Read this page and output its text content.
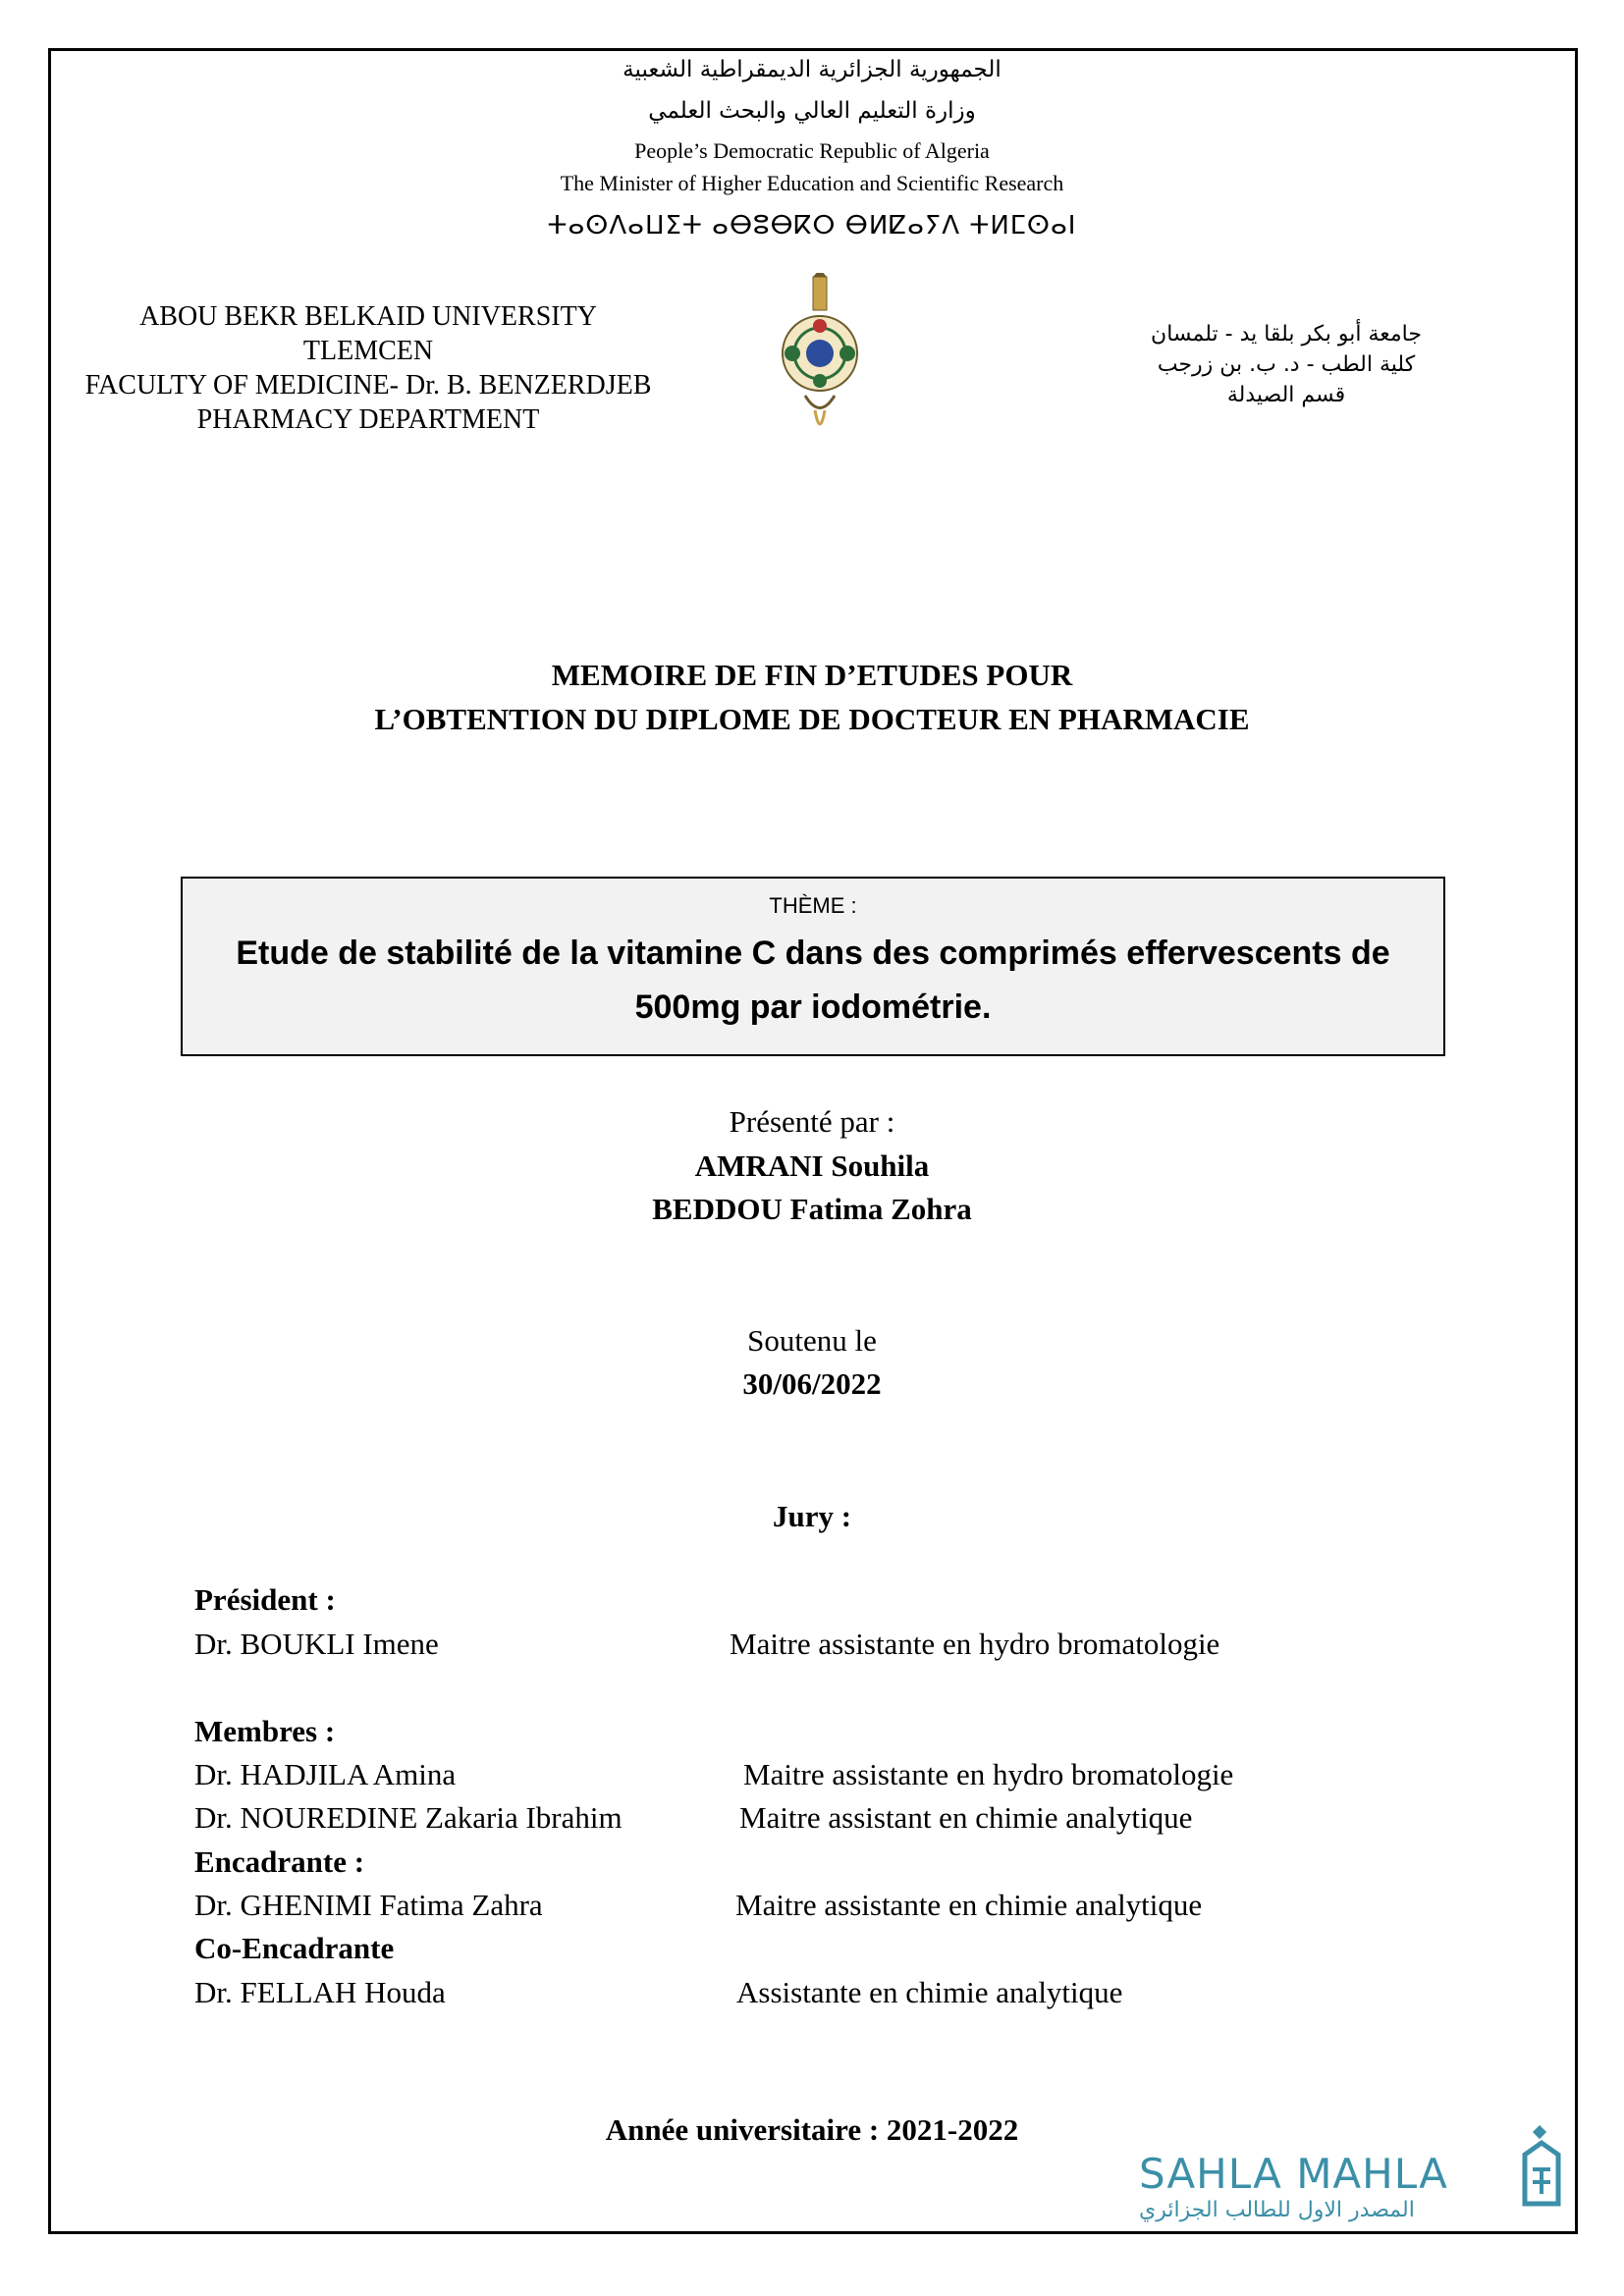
الجمهورية الجزائرية الديمقراطية الشعبية
وزارة التعليم العالي والبحث العلمي
People’s Democratic Republic of Algeria
The Minister of Higher Education and Scientific Research
ⵜⴰⵙⴷⴰⵡⵉⵜ ⴰⴱⵓⴱⴽⵔ ⴱⵍⵇⴰⵢⴷ ⵜⵍⵎⵙⴰⵏ
ABOU BEKR BELKAID UNIVERSITY
TLEMCEN
FACULTY OF MEDICINE- Dr. B. BENZERDJEB
PHARMACY DEPARTMENT
جامعة أبو بكر بلقا يد - تلمسان
كلية الطب - د. ب. بن زرجب
قسم الصيدلة
MEMOIRE DE FIN D’ETUDES POUR
L’OBTENTION DU DIPLOME DE DOCTEUR EN PHARMACIE
THÈME :
Etude de stabilité de la vitamine C dans des comprimés effervescents de 500mg par iodométrie.
Présenté par :
AMRANI Souhila
BEDDOU Fatima Zohra
Soutenu le
30/06/2022
Jury :
Président :
Dr. BOUKLI Imene	Maitre assistante en hydro bromatologie
Membres :
Dr. HADJILA Amina	Maitre assistante en hydro bromatologie
Dr. NOUREDINE Zakaria Ibrahim	Maitre assistant en chimie analytique
Encadrante :
Dr. GHENIMI Fatima Zahra	Maitre assistante en chimie analytique
Co-Encadrante
Dr. FELLAH Houda	Assistante en chimie analytique
Année universitaire : 2021-2022
SAHLA MAHLA
المصدر الاول للطالب الجزائري
